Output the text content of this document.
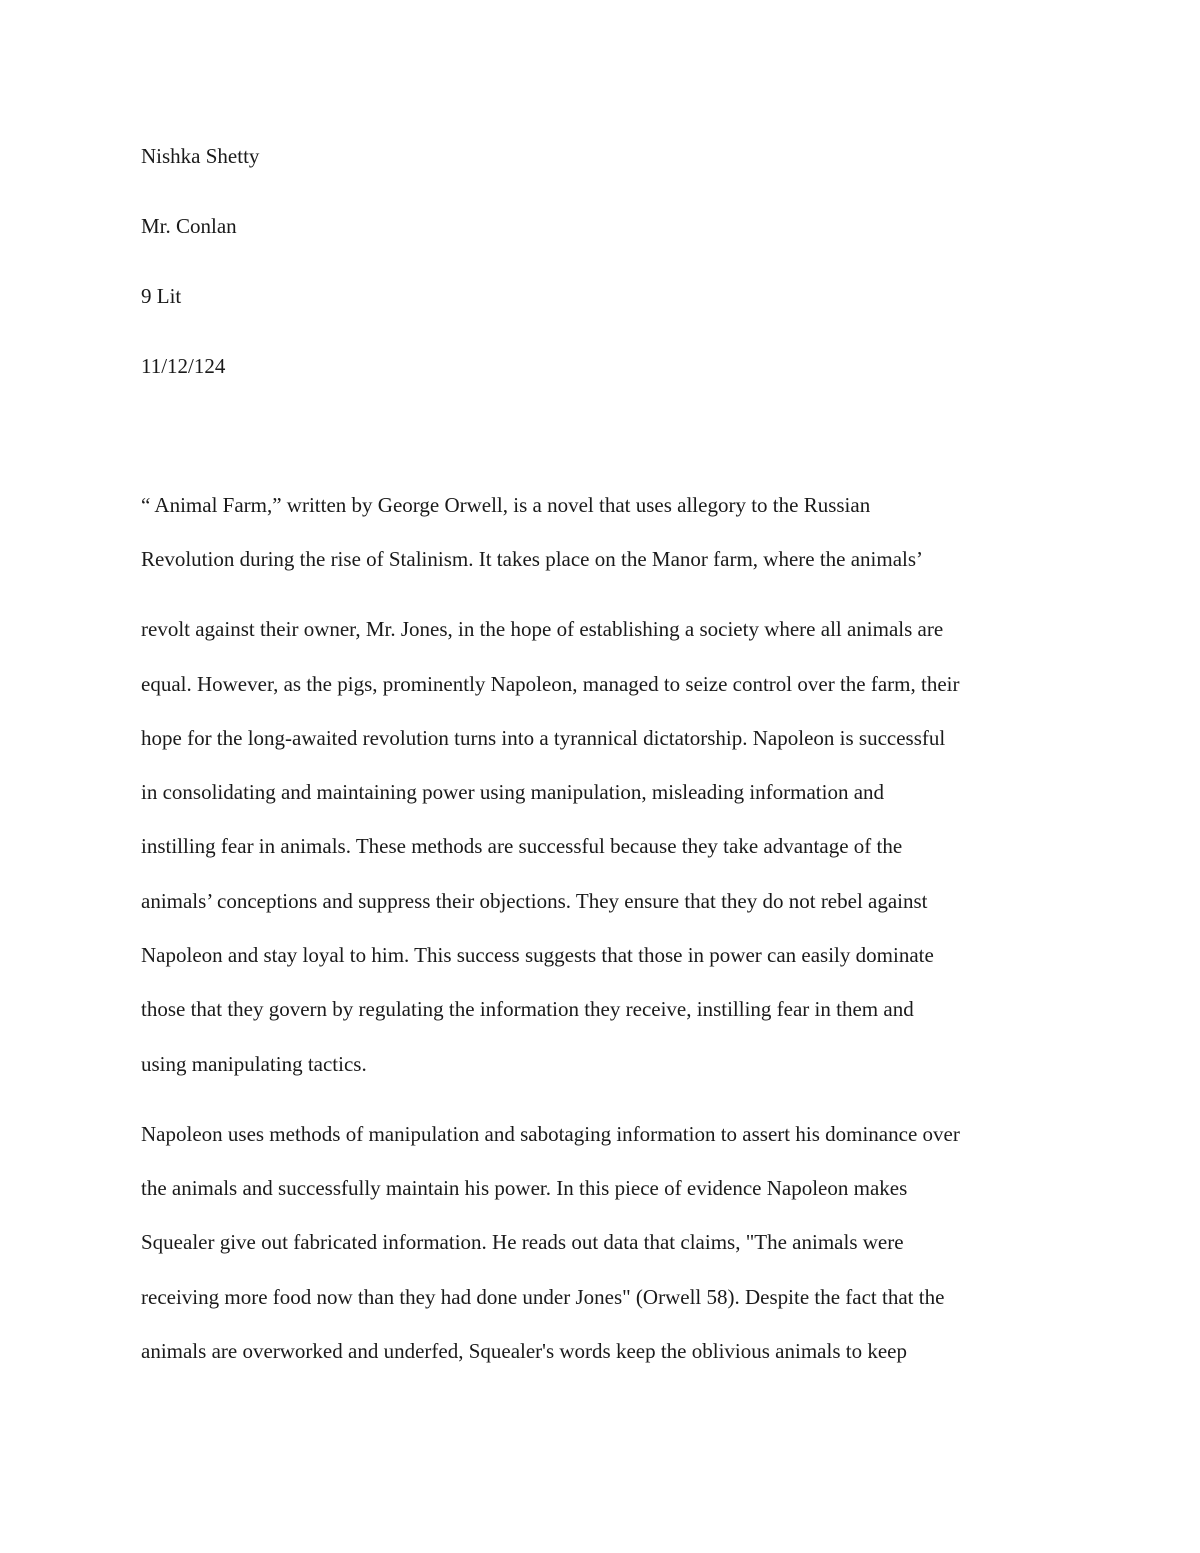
Nishka Shetty

Mr. Conlan

9 Lit

11/12/124

“ Animal Farm,” written by George Orwell, is a novel that uses allegory to the Russian
Revolution during the rise of Stalinism. It takes place on the Manor farm, where the animals’
revolt against their owner, Mr. Jones, in the hope of establishing a society where all animals are
equal. However, as the pigs, prominently Napoleon, managed to seize control over the farm, their
hope for the long-awaited revolution turns into a tyrannical dictatorship. Napoleon is successful
in consolidating and maintaining power using manipulation, misleading information and
instilling fear in animals. These methods are successful because they take advantage of the
animals’ conceptions and suppress their objections. They ensure that they do not rebel against
Napoleon and stay loyal to him. This success suggests that those in power can easily dominate
those that they govern by regulating the information they receive, instilling fear in them and
using manipulating tactics.
Napoleon uses methods of manipulation and sabotaging information to assert his dominance over
the animals and successfully maintain his power. In this piece of evidence Napoleon makes
Squealer give out fabricated information. He reads out data that claims, "The animals were
receiving more food now than they had done under Jones" (Orwell 58). Despite the fact that the
animals are overworked and underfed, Squealer's words keep the oblivious animals to keep
